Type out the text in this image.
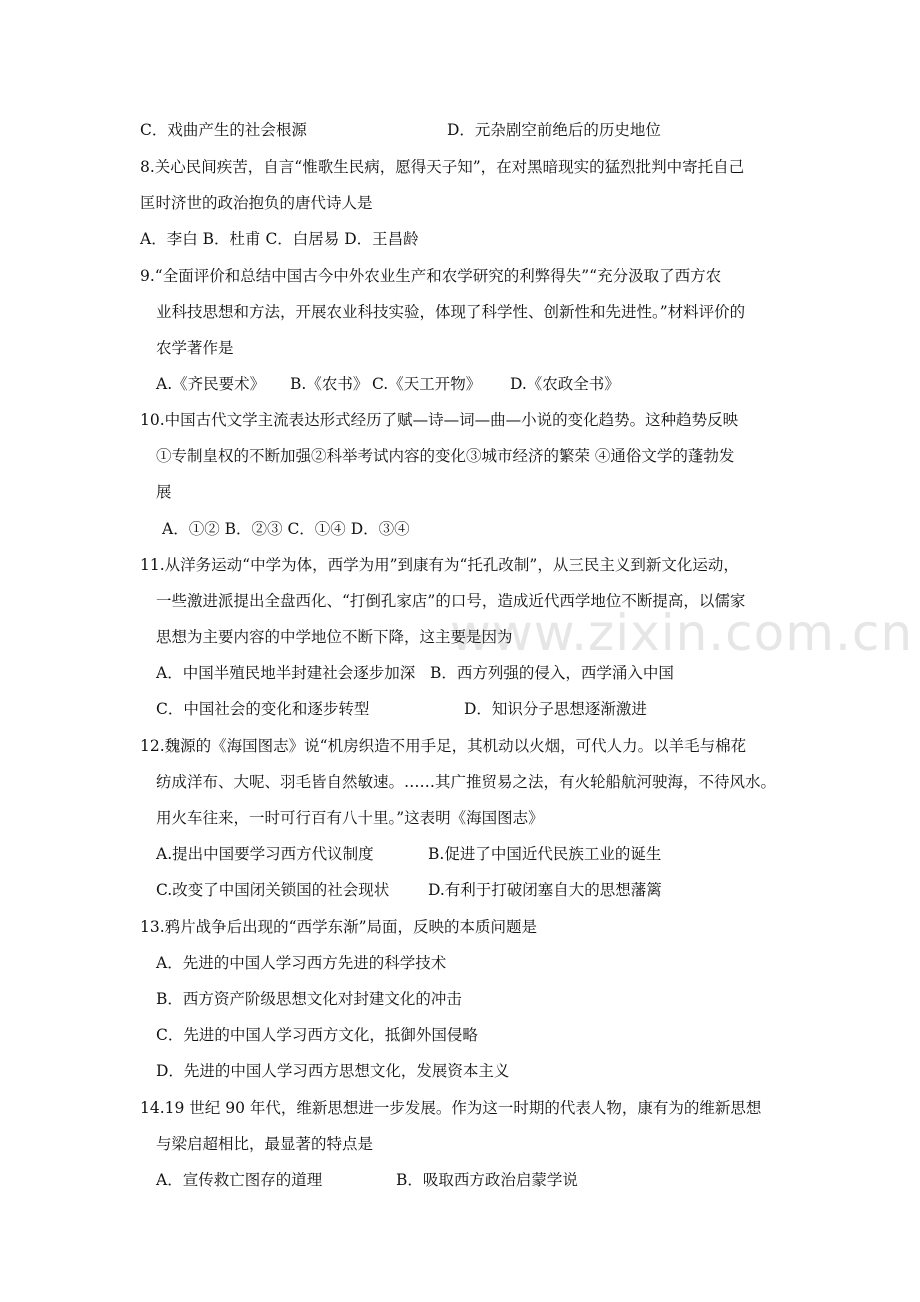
www.zixin.com.cn
C．戏曲产生的社会根源	D．元杂剧空前绝后的历史地位
8.关心民间疾苦，自言“惟歌生民病，愿得天子知”，在对黑暗现实的猛烈批判中寄托自己
匡时济世的政治抱负的唐代诗人是
A．李白 B．杜甫 C．白居易 D．王昌龄
9.“全面评价和总结中国古今中外农业生产和农学研究的利弊得失”“充分汲取了西方农
业科技思想和方法，开展农业科技实验，体现了科学性、创新性和先进性。”材料评价的
农学著作是
A.《齐民要术》 B.《农书》 C.《天工开物》 D.《农政全书》
10.中国古代文学主流表达形式经历了赋—诗—词—曲—小说的变化趋势。这种趋势反映
①专制皇权的不断加强②科举考试内容的变化③城市经济的繁荣 ④通俗文学的蓬勃发
展
A．①② B．②③ C．①④ D．③④
11.从洋务运动“中学为体，西学为用”到康有为“托孔改制”，从三民主义到新文化运动，
一些激进派提出全盘西化、“打倒孔家店”的口号，造成近代西学地位不断提高，以儒家
思想为主要内容的中学地位不断下降，这主要是因为
A．中国半殖民地半封建社会逐步加深 B．西方列强的侵入，西学涌入中国
C．中国社会的变化和逐步转型	D．知识分子思想逐渐激进
12.魏源的《海国图志》说“机房织造不用手足，其机动以火烟，可代人力。以羊毛与棉花
纺成洋布、大呢、羽毛皆自然敏速。……其广推贸易之法，有火轮船航河驶海，不待风水。
用火车往来，一时可行百有八十里。”这表明《海国图志》
A.提出中国要学习西方代议制度	B.促进了中国近代民族工业的诞生
C.改变了中国闭关锁国的社会现状	D.有利于打破闭塞自大的思想藩篱
13.鸦片战争后出现的“西学东渐”局面，反映的本质问题是
A．先进的中国人学习西方先进的科学技术
B．西方资产阶级思想文化对封建文化的冲击
C．先进的中国人学习西方文化，抵御外国侵略
D．先进的中国人学习西方思想文化，发展资本主义
14.19 世纪 90 年代，维新思想进一步发展。作为这一时期的代表人物，康有为的维新思想
与梁启超相比，最显著的特点是
A．宣传救亡图存的道理	B．吸取西方政治启蒙学说
